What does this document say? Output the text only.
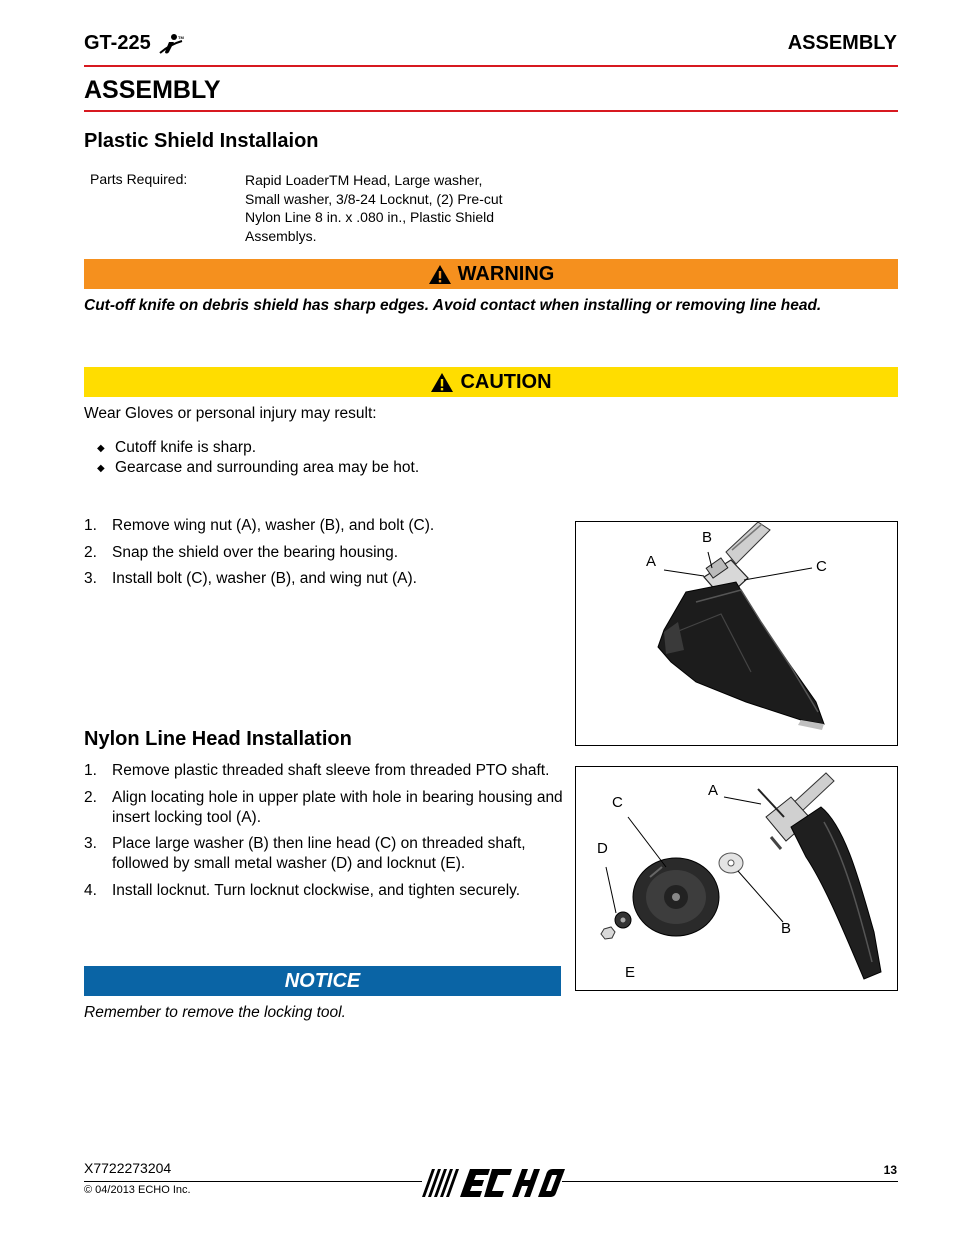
GT-225	TM	ASSEMBLY
ASSEMBLY
Plastic Shield Installaion
Parts Required:	Rapid LoaderTM Head, Large washer,
Small washer, 3/8-24 Locknut, (2) Pre-cut
Nylon Line 8 in. x .080 in., Plastic Shield
Assemblys.
WARNING
Cut-off knife on debris shield has sharp edges. Avoid contact when installing or removing line head.
CAUTION
Wear Gloves or personal injury may result:
◆ Cutoff knife is sharp.
◆ Gearcase and surrounding area may be hot.
1. Remove wing nut (A), washer (B), and bolt (C).
2. Snap the shield over the bearing housing.
3. Install bolt (C), washer (B), and wing nut (A).
A
B
C
Nylon Line Head Installation
1. Remove plastic threaded shaft sleeve from threaded PTO shaft.
2. Align locating hole in upper plate with hole in bearing housing and insert locking tool (A).
3. Place large washer (B) then line head (C) on threaded shaft, followed by small metal washer (D) and locknut (E).
4. Install locknut. Turn locknut clockwise, and tighten securely.
A
B
C
D
E
NOTICE
Remember to remove the locking tool.
X7722273204
© 04/2013 ECHO Inc.
13
